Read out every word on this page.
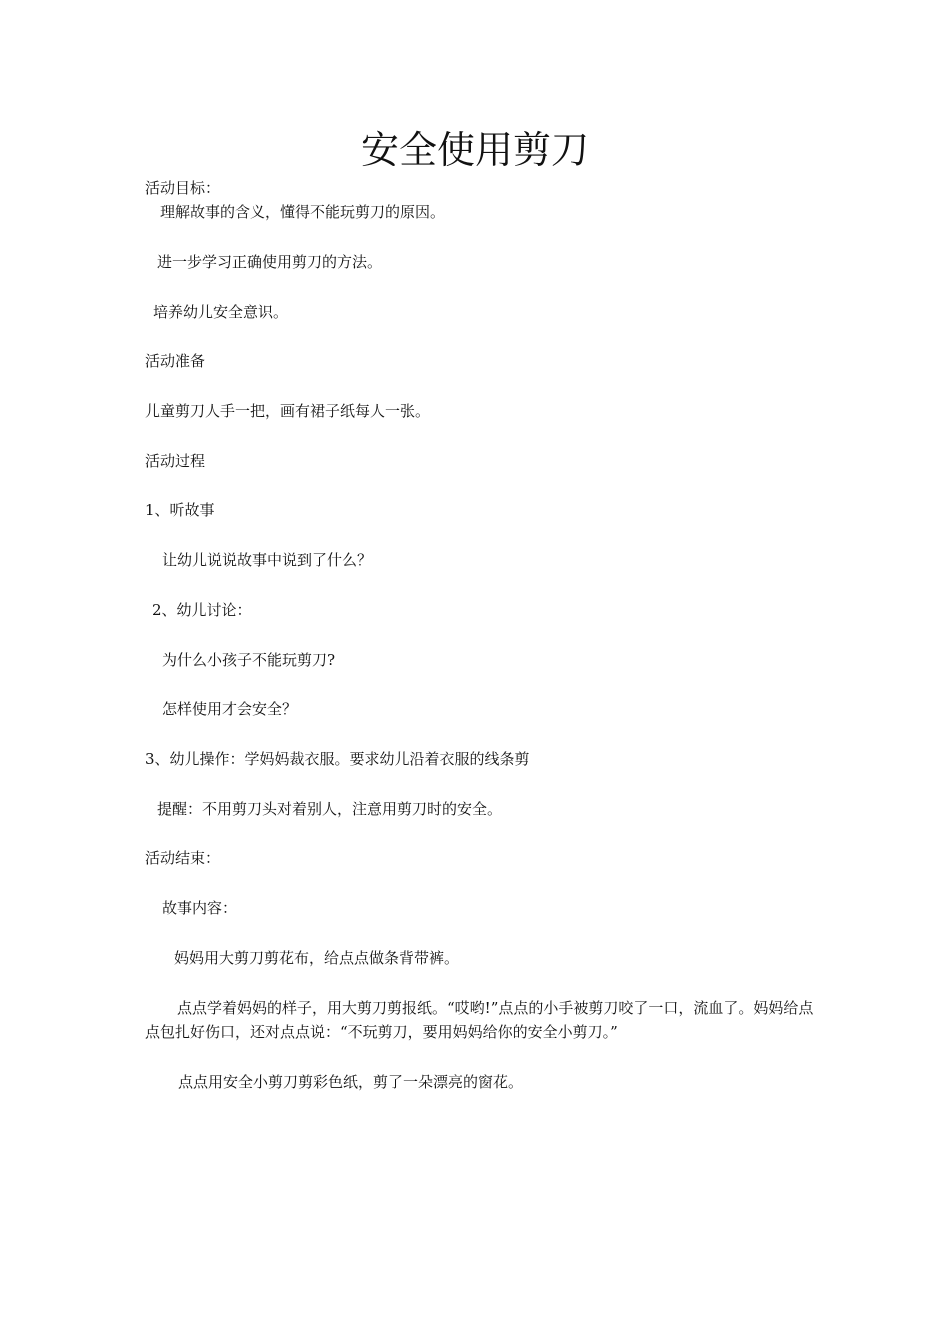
安全使用剪刀

活动目标：

理解故事的含义，懂得不能玩剪刀的原因。

进一步学习正确使用剪刀的方法。

培养幼儿安全意识。

活动准备

儿童剪刀人手一把，画有裙子纸每人一张。

活动过程

1、听故事

让幼儿说说故事中说到了什么？

2、幼儿讨论：

为什么小孩子不能玩剪刀?

怎样使用才会安全？

3、幼儿操作：学妈妈裁衣服。要求幼儿沿着衣服的线条剪

提醒：不用剪刀头对着别人，注意用剪刀时的安全。

活动结束：

故事内容：

妈妈用大剪刀剪花布，给点点做条背带裤。

点点学着妈妈的样子，用大剪刀剪报纸。“哎哟!”点点的小手被剪刀咬了一口，流血了。妈妈给点点包扎好伤口，还对点点说：“不玩剪刀，要用妈妈给你的安全小剪刀。”

点点用安全小剪刀剪彩色纸，剪了一朵漂亮的窗花。
